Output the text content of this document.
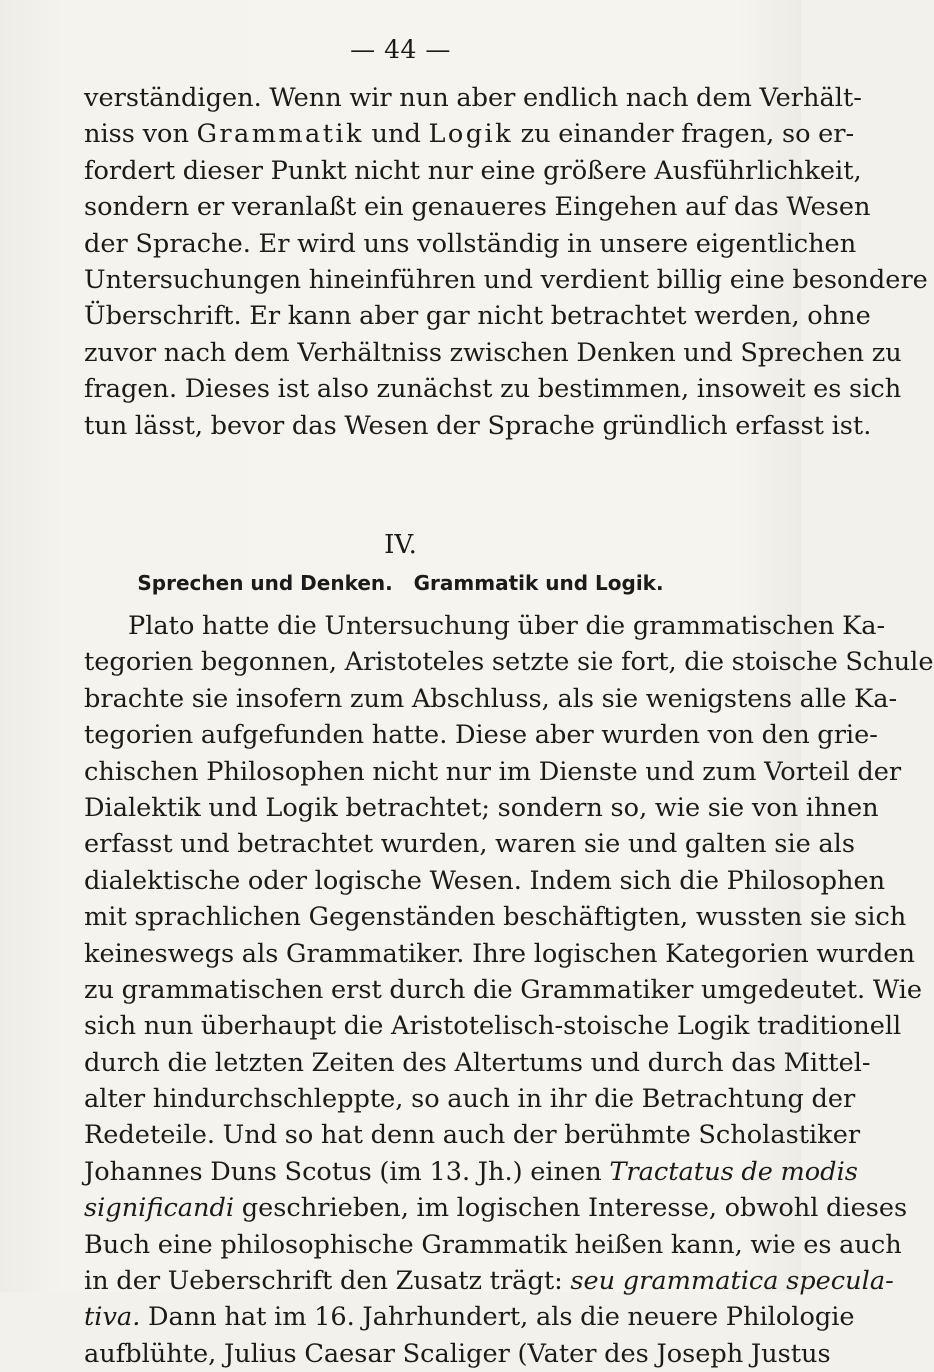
— 44 —
verständigen. Wenn wir nun aber endlich nach dem Verhält-
niss von Grammatik und Logik zu einander fragen, so er-
fordert dieser Punkt nicht nur eine größere Ausführlichkeit,
sondern er veranlaßt ein genaueres Eingehen auf das Wesen
der Sprache. Er wird uns vollständig in unsere eigentlichen
Untersuchungen hineinführen und verdient billig eine besondere
Überschrift. Er kann aber gar nicht betrachtet werden, ohne
zuvor nach dem Verhältniss zwischen Denken und Sprechen zu
fragen. Dieses ist also zunächst zu bestimmen, insoweit es sich
tun lässt, bevor das Wesen der Sprache gründlich erfasst ist.
IV.
Sprechen und Denken.   Grammatik und Logik.
Plato hatte die Untersuchung über die grammatischen Ka-
tegorien begonnen, Aristoteles setzte sie fort, die stoische Schule
brachte sie insofern zum Abschluss, als sie wenigstens alle Ka-
tegorien aufgefunden hatte. Diese aber wurden von den grie-
chischen Philosophen nicht nur im Dienste und zum Vorteil der
Dialektik und Logik betrachtet; sondern so, wie sie von ihnen
erfasst und betrachtet wurden, waren sie und galten sie als
dialektische oder logische Wesen. Indem sich die Philosophen
mit sprachlichen Gegenständen beschäftigten, wussten sie sich
keineswegs als Grammatiker. Ihre logischen Kategorien wurden
zu grammatischen erst durch die Grammatiker umgedeutet. Wie
sich nun überhaupt die Aristotelisch-stoische Logik traditionell
durch die letzten Zeiten des Altertums und durch das Mittel-
alter hindurchschleppte, so auch in ihr die Betrachtung der
Redeteile. Und so hat denn auch der berühmte Scholastiker
Johannes Duns Scotus (im 13. Jh.) einen Tractatus de modis
significandi geschrieben, im logischen Interesse, obwohl dieses
Buch eine philosophische Grammatik heißen kann, wie es auch
in der Ueberschrift den Zusatz trägt: seu grammatica specula-
tiva. Dann hat im 16. Jahrhundert, als die neuere Philologie
aufblühte, Julius Caesar Scaliger (Vater des Joseph Justus
